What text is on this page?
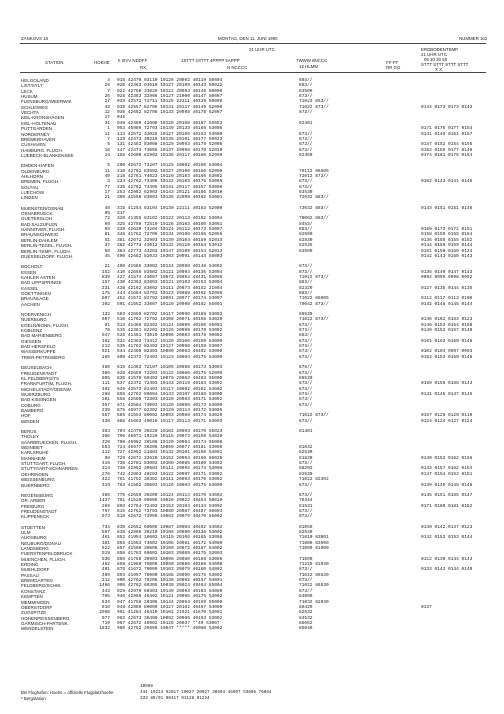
ZANKOVS 15	MONTAG, DEN 11. JUNI 1990	NUMMER 162
21 UHR UTC	ERDBODENTEMP
21 UHR UTC
05 10 20 50
STTT STTT STTT STTT
X X
STATION	HOEHE II IIIVV NDDFF
RX
1STTT 2STTT 4PPPP 5APPP
N NCCCC
7WWW 8NCCC
12 HLMM
FF-FF
RR GG
HELGOLAND	4 015 42470 03110 10126 20092 40119 50004	603//
LIST/SYLT	26 020 42363 03510 10127 20109 40143 50022	863//
LECK	7 022 42760 33020 10122 20093 40146 50000	83500
HUSUM	26 028 42363 32906 10127 21000 40147 50007	873//
FLENSBURG/WEERWIK	27 033 42572 72711 10126 22111 40139 50009	71023 853//
SCHLESWIG	43 039 42557 82706 10131 20117 40149 52000	71022 873//	0144 0173 0173 0143
VECHTA	12 036 42662 82708 10133 20098 40178 52007	873//
KIEL-KRONSHAGEN	17 045
KIEL-HOLTENAU	31 048 42460 42609 10126 20108 40167 55053	82401
PUTTGARDEN	1 053 46980 72703 10139 20133 40169 53006	0171 0176 0177 0154
NORDERNEY	11 113 42572 33028 10127 20106 40153 53000	873//	0141 0149 0151 0157
BREMERHAVEN	7 129 42473 30210 10135 20101 40177 50023	873//
CUXHAVEN	5 131 42463 83008 10129 20093 40179 52006	873//	0147 0152 0154 0155
HAMBURG, FLUGH.	16 147 42473 73005 10137 20098 40170 52010	873//	0162 0169 0177 0149
LUEBECK-BLANKENSEE	14 156 42600 82902 10136 20117 40160 52050	82360	0174 0181 0176 0154
EMDEN-HAFEN	5 200 42672 73207 10125 20092 40160 53004
OLDENBURG	11 210 42762 83502 10127 20106 40166 52000	70112 86505
AHLHORN	49 218 42761 74023 10129 20103 40166 53002	72012 873//
BREMEN, FLUGH.	3 224 42762 73406 10132 20103 40176 53005	873//	0162 0143 0141 0145
SOLTAU	77 235 42762 73405 10141 20117 40157 53006	873//
LUECHOW	17 253 42962 62903 10143 20121 40166 53010	83530
LINGEN	21 305 41556 83003 10136 22099 40162 53001	72032 883//
MUENSTER/OSNAB.	48 315 41254 83104 10130 22111 40163 52000	73032 883//	0143 0151 0151 0146
OSNABRUECK	95 317
GUETERSLOH	72 320 41355 83102 10122 20113 40162 53004	70062 883//
BAD SALZUFLEN	98 325 42759 72510 10126 20103 40160 53001	8453/
HANNOVER, FLUGH.	55 338 42630 73204 10124 20112 40173 53007	883//	0169 0173 0172 0151
BRAUNSCHWEIG	81 348 41762 72706 10134 20106 40166 52055	82500	0158 0150 0155 0154
BERLIN-DAHLEM	51 381 42672 32903 10130 20104 40159 52013	82530	0136 0155 0155 0152
BERLIN-TEGEL, FLUGH.	37 382 42773 43012 10132 20110 40154 53012	82535	0144 0156 0159 0144
BERLIN-TEMP., FLUGH.	50 384 42773 43203 10147 20109 40154 52013	84500	0151 0150 0150 0134
DUESSELDORF, FLUGH.	45 400 42663 82033 10303 20091 40143 55003	0142 0143 0150 0143
BOCHOLT	21 406 41565 33602 10134 20098 40148 54002	873//
ESSEN	152 410 42656 83502 10121 20094 40136 53004	873//	0136 0140 0147 0143
KAHLER ASTEN	839 427 41574 43007 10072 20064 48431 53006	71022 873//	0092 0095 0098 0092
BAD LIPPSPRINGE	157 430 42362 82003 10121 20103 40153 53004	883//
KASSEL	231 438 42162 83002 10111 20073 40152 21004	82320	0127 0135 0144 0135
GOETTINGEN	175 444 41664 82702 10123 20089 40162 52006	883//
BRAUNLAGE	607 452 41572 82702 10091 20077 40174 53007	71022 86005	0112 0117 0113 0106
AACHEN	202 501 41552 33607 10120 20098 40162 55001	70042 873//	0142 0148 0145 0144
NOERVENICH	132 503 42659 82702 10117 20096 40168 53003	86530
NUERBURG	607 510 41762 72702 10108 20071 40156 54020	71022 873//	0146 0162 0153 0123
KOELN/BONN, FLUGH.	91 513 41466 82302 10124 20099 40160 55001	873//	0146 0153 0154 0150
KOBLENZ	70 515 42361 82202 10126 20099 40179 53002	873//	0149 0152 0157 0140
BAD MARIENBERG	547 526 41461 73010 10096 20083 40178 50062	863//
GIESSEN	182 532 42363 73412 10120 20106 40159 53000	873//	0161 0163 0160 0148
BAD HERSFELD	212 535 41762 82403 10127 20096 40159 53007	873//
WASSERKUPPE	921 544 42460 82303 10080 20063 48492 53000	873//	0102 0104 0097 0093
TRIER-PETRISBERG	265 609 42372 72403 10123 20094 40175 54000	873//	0152 0153 0150 0146
DEUSELBACH	480 615 41463 72107 10105 20088 40173 53003	878//
FREUDENSTADT	366 626 42659 72203 10122 20086 40175 52008	873//
KL.FELDBERG/TS	805 630 41570 60403 10070 20063 48483 55000	86530
FRANKFURT/M, FLUGH.	111 637 42372 72403 10143 20119 40183 53002	873//	0169 0155 0158 0143
MICHELSTADT/ODENW.	402 645 42573 82403 10117 20092 40182 54002	873//
WUERZBURG	268 655 42762 80604 10133 20107 40168 53000	873//	0141 0145 0147 0145
BAD KISSINGEN	281 658 42560 72303 10120 20093 40171 54002	873//
COBURG	357 671 42564 73003 10120 20098 40173 53000	873//
BAMBERG	239 675 46977 82302 10129 20114 40172 53005
HOF	567 685 41553 80002 10093 20089 40174 54020	71022 873//	0157 0120 0120 0119
WEIDEN	438 688 41663 40010 10117 20113 40171 53003	873//	0124 0124 0127 0124
BERUS	363 704 42470 30220 10102 20093 40170 55023	81401
THOLEY	386 706 46971 10220 10115 20073 40169 54020
SAARBRUECKEN, FLUGH.	320 708 46962 30106 10120 20094 40174 55000
WEINBIET	553 724 46977 30206 10099 20077 40181 53006	81032
KARLSRUHE	112 727 42962 21803 10132 20101 40166 54001	82530
MANNHEIM	98 729 42672 33626 10152 20094 40166 56025	81830	0140 0152 0162 0156
STUTTGART, FLUGH.	419 738 42761 83002 10100 20085 40180 54002	873//
STUTTGART-SCHNARREN.	314 739 42962 30603 10111 20093 40174 53008	86203	0143 0157 0162 0154
OEHRINGEN	276 742 42963 40203 10122 20097 40171 53002	82530	0147 0154 0153 0151
WEISSENBURG	422 761 41752 30302 10111 20093 40170 53002	71022 82302
NUERNBERG	319 763 41562 30603 10126 20093 40175 53000	873//	0139 0149 0148 0148
REGENSBURG	366 776 42659 30200 10124 20114 40170 54002	873//	0145 0151 0155 0147
GR. ARBER	1437 791 41520 99606 10026 20022 48454 50010	76344
FREIBURG	269 803 42764 72403 10153 20104 40134 53002	81531	0171 0180 0181 0162
FREUDENSTADT	797 815 42762 73703 10080 20087 48487 56004	873//
KLIPPENECK	973 818 42672 73909 10083 20079 40470 55002	873//
STOETTEN	734 836 42652 60605 10087 20084 40492 54002	81050	0140 0142 0137 0123
ULM	567 838 42860 30210 10106 20090 40136 53002	82530
AUGSBURG	461 852 41954 10602 10119 20106 40165 53006	71010 83001	0142 0153 0153 0144
NEUBURG/DONAU	381 855 41563 73602 10106 20081 40172 54000	71000 83500
LANDSBERG	622 857 41560 30606 10100 20072 40167 54002	71000 81000
FUERSTENFELDBRUCK	519 858 41763 60602 10103 20089 40175 53003
MUENCHEN, FLUGH.	530 866 41768 30903 10096 20080 40169 53006	71000	0112 0130 0144 0143
ERDING	462 868 41960 70000 10090 20086 40168 54000	71225 81030
MUEHLDORF	401 875 41672 70000 10103 20079 40160 54002	873//	0133 0143 0144 0140
PASSAU	409 893 41957 70000 10108 20090 40175 53002	71022 86530
BREMGARTEN	212 900 42762 70206 10130 20092 40157 54001	873//
FELDBERG/SCHW.	1486 908 42762 60305 10030 20024 48464 55004	71022 86530
KONSTANZ	443 929 42970 60303 10140 20093 40163 54000	873//
KEMPTEN	705 946 42965 46402 10121 20095 40175 53002	84000
MEMMINGEN	634 947 41756 20306 10144 20064 40159 55000	71032 82030
OBERSTDORF	810 948 42960 80000 10127 20102 40467 54000	88420	0137
ZUGSPITZE	2960 961 41284 46410 10102 21021 41670 53001	82532
HOHENPEISSENBERG	977 962 42673 30400 10092 20085 40463 53002	84532
GARMISCH-PARTENK.	719 967 42672 40902 10126 20037 **40 53007	86002
WENDELSTEIN	1832 980 42752 35600 10047 ***** 40060 53002	85040
Bei Flughafen: Hoehe = offizielle Flugplatzhoehe
* Bergstation
10908
444 10214 92817 10027 20027 38504 46697 53005 76064
333 89/01 90417 91128 91224
